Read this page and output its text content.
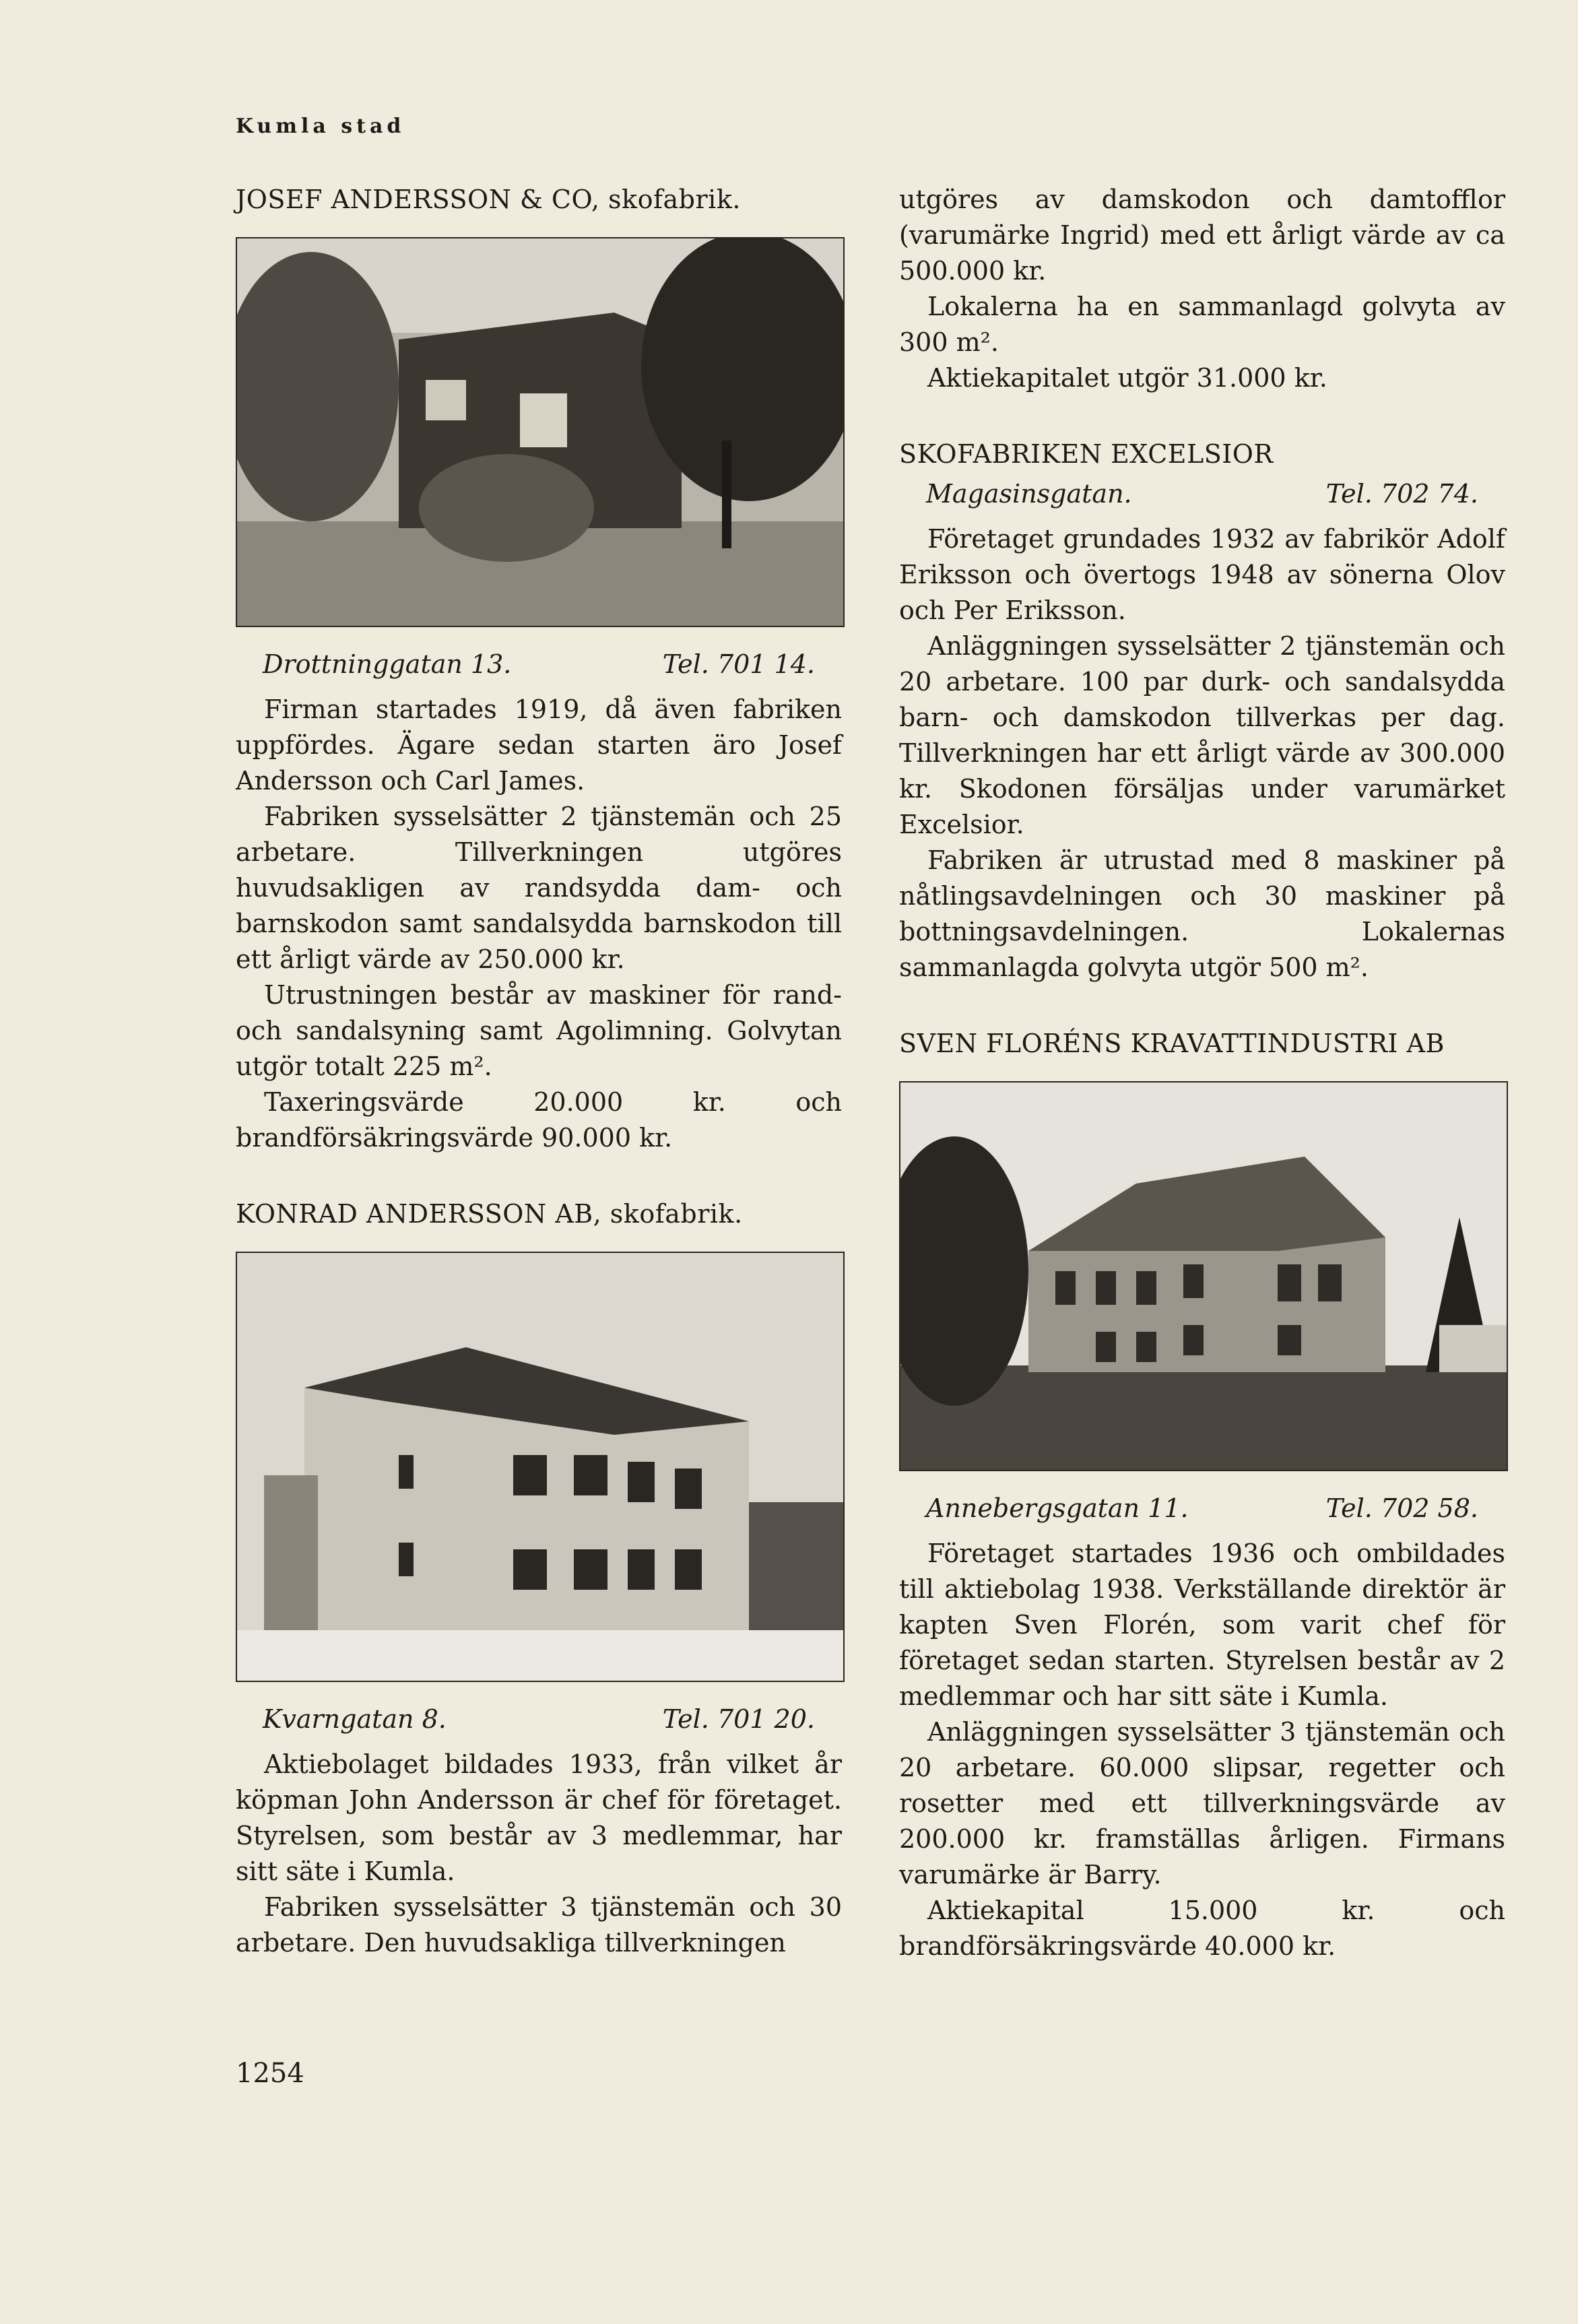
Kumla stad
JOSEF ANDERSSON & CO, skofabrik.
Drottninggatan 13.	Tel. 701 14.

Firman startades 1919, då även fabriken uppfördes. Ägare sedan starten äro Josef Andersson och Carl James.

Fabriken sysselsätter 2 tjänstemän och 25 arbetare. Tillverkningen utgöres huvudsakligen av randsydda dam- och barnskodon samt sandalsydda barnskodon till ett årligt värde av 250.000 kr.

Utrustningen består av maskiner för rand- och sandalsyning samt Agolimning. Golvytan utgör totalt 225 m².

Taxeringsvärde 20.000 kr. och brandförsäkringsvärde 90.000 kr.

KONRAD ANDERSSON AB, skofabrik.
Kvarngatan 8.	Tel. 701 20.

Aktiebolaget bildades 1933, från vilket år köpman John Andersson är chef för företaget. Styrelsen, som består av 3 medlemmar, har sitt säte i Kumla.

Fabriken sysselsätter 3 tjänstemän och 30 arbetare. Den huvudsakliga tillverkningen

utgöres av damskodon och damtofflor (varumärke Ingrid) med ett årligt värde av ca 500.000 kr.

Lokalerna ha en sammanlagd golvyta av 300 m².

Aktiekapitalet utgör 31.000 kr.

SKOFABRIKEN EXCELSIOR
Magasinsgatan.	Tel. 702 74.

Företaget grundades 1932 av fabrikör Adolf Eriksson och övertogs 1948 av sönerna Olov och Per Eriksson.

Anläggningen sysselsätter 2 tjänstemän och 20 arbetare. 100 par durk- och sandalsydda barn- och damskodon tillverkas per dag. Tillverkningen har ett årligt värde av 300.000 kr. Skodonen försäljas under varumärket Excelsior.

Fabriken är utrustad med 8 maskiner på nåtlingsavdelningen och 30 maskiner på bottningsavdelningen. Lokalernas sammanlagda golvyta utgör 500 m².

SVEN FLORÉNS KRAVATTINDUSTRI AB
Annebergsgatan 11.	Tel. 702 58.

Företaget startades 1936 och ombildades till aktiebolag 1938. Verkställande direktör är kapten Sven Florén, som varit chef för företaget sedan starten. Styrelsen består av 2 medlemmar och har sitt säte i Kumla.

Anläggningen sysselsätter 3 tjänstemän och 20 arbetare. 60.000 slipsar, regetter och rosetter med ett tillverkningsvärde av 200.000 kr. framställas årligen. Firmans varumärke är Barry.

Aktiekapital 15.000 kr. och brandförsäkringsvärde 40.000 kr.

1254
